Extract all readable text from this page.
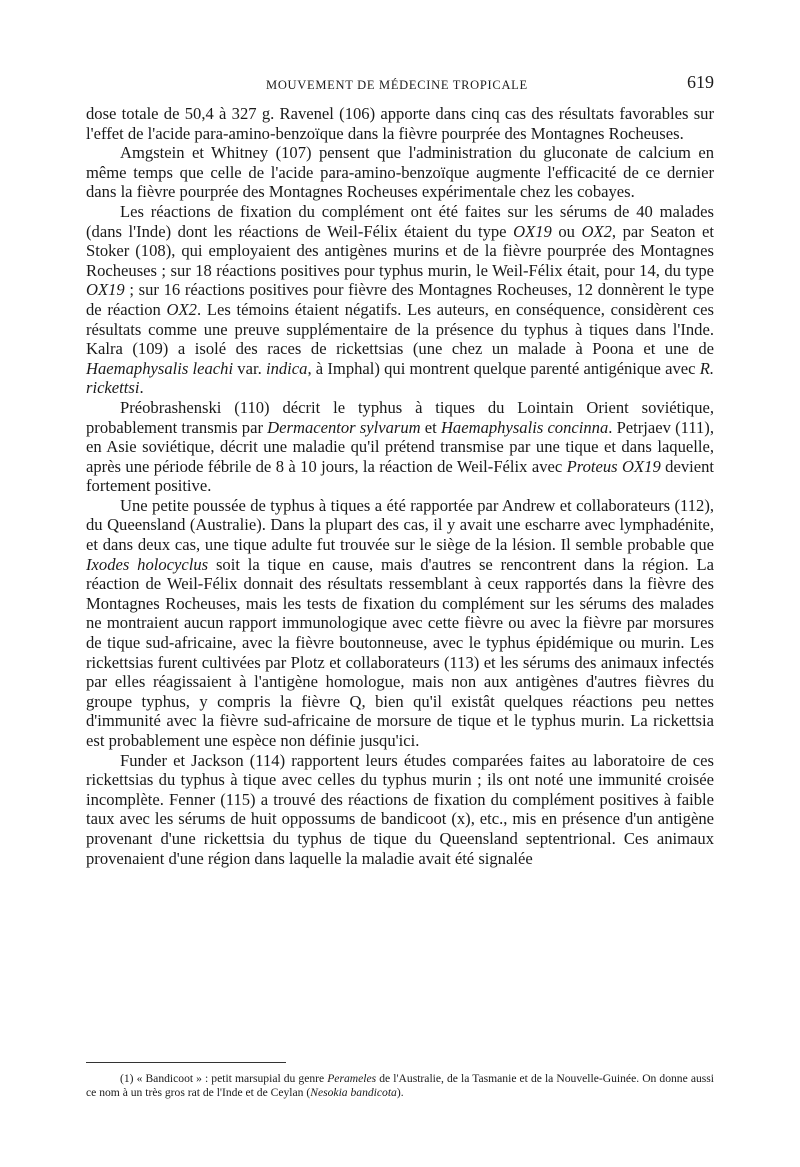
MOUVEMENT DE MÉDECINE TROPICALE	619

dose totale de 50,4 à 327 g. Ravenel (106) apporte dans cinq cas des résultats favorables sur l'effet de l'acide para-amino-benzoïque dans la fièvre pourprée des Montagnes Rocheuses.

Amgstein et Whitney (107) pensent que l'administration du gluconate de calcium en même temps que celle de l'acide para-amino-benzoïque augmente l'efficacité de ce dernier dans la fièvre pourprée des Montagnes Rocheuses expérimentale chez les cobayes.

Les réactions de fixation du complément ont été faites sur les sérums de 40 malades (dans l'Inde) dont les réactions de Weil-Félix étaient du type OX19 ou OX2, par Seaton et Stoker (108), qui employaient des antigènes murins et de la fièvre pourprée des Montagnes Rocheuses ; sur 18 réactions positives pour typhus murin, le Weil-Félix était, pour 14, du type OX19 ; sur 16 réactions positives pour fièvre des Montagnes Rocheuses, 12 donnèrent le type de réaction OX2. Les témoins étaient négatifs. Les auteurs, en conséquence, considèrent ces résultats comme une preuve supplémentaire de la présence du typhus à tiques dans l'Inde. Kalra (109) a isolé des races de rickettsias (une chez un malade à Poona et une de Haemaphysalis leachi var. indica, à Imphal) qui montrent quelque parenté antigénique avec R. rickettsi.

Préobrashenski (110) décrit le typhus à tiques du Lointain Orient soviétique, probablement transmis par Dermacentor sylvarum et Haemaphysalis concinna. Petrjaev (111), en Asie soviétique, décrit une maladie qu'il prétend transmise par une tique et dans laquelle, après une période fébrile de 8 à 10 jours, la réaction de Weil-Félix avec Proteus OX19 devient fortement positive.

Une petite poussée de typhus à tiques a été rapportée par Andrew et collaborateurs (112), du Queensland (Australie). Dans la plupart des cas, il y avait une escharre avec lymphadénite, et dans deux cas, une tique adulte fut trouvée sur le siège de la lésion. Il semble probable que Ixodes holocyclus soit la tique en cause, mais d'autres se rencontrent dans la région. La réaction de Weil-Félix donnait des résultats ressemblant à ceux rapportés dans la fièvre des Montagnes Rocheuses, mais les tests de fixation du complément sur les sérums des malades ne montraient aucun rapport immunologique avec cette fièvre ou avec la fièvre par morsures de tique sud-africaine, avec la fièvre boutonneuse, avec le typhus épidémique ou murin. Les rickettsias furent cultivées par Plotz et collaborateurs (113) et les sérums des animaux infectés par elles réagissaient à l'antigène homologue, mais non aux antigènes d'autres fièvres du groupe typhus, y compris la fièvre Q, bien qu'il existât quelques réactions peu nettes d'immunité avec la fièvre sud-africaine de morsure de tique et le typhus murin. La rickettsia est probablement une espèce non définie jusqu'ici.

Funder et Jackson (114) rapportent leurs études comparées faites au laboratoire de ces rickettsias du typhus à tique avec celles du typhus murin ; ils ont noté une immunité croisée incomplète. Fenner (115) a trouvé des réactions de fixation du complément positives à faible taux avec les sérums de huit oppossums de bandicoot (x), etc., mis en présence d'un antigène provenant d'une rickettsia du typhus de tique du Queensland septentrional. Ces animaux provenaient d'une région dans laquelle la maladie avait été signalée

(1) « Bandicoot » : petit marsupial du genre Perameles de l'Australie, de la Tasmanie et de la Nouvelle-Guinée. On donne aussi ce nom à un très gros rat de l'Inde et de Ceylan (Nesokia bandicota).
